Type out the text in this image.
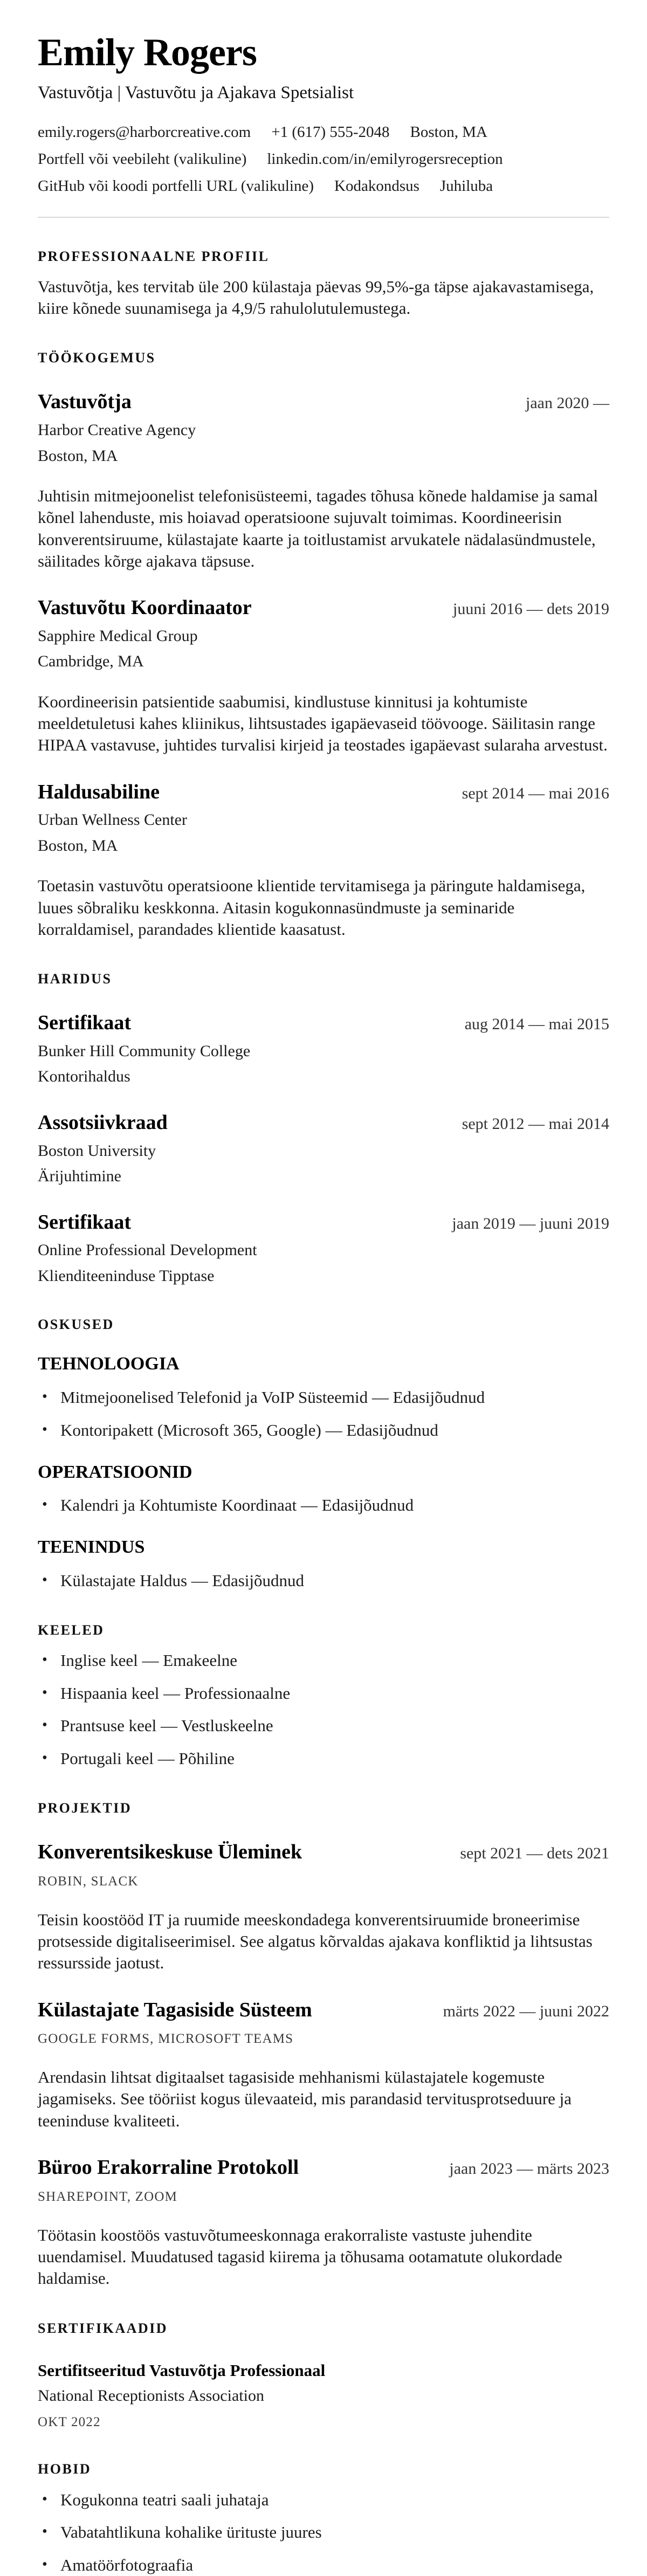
Emily Rogers
Vastuvõtja | Vastuvõtu ja Ajakava Spetsialist
emily.rogers@harborcreative.com +1 (617) 555-2048 Boston, MA
Portfell või veebileht (valikuline) linkedin.com/in/emilyrogersreception
GitHub või koodi portfelli URL (valikuline) Kodakondsus Juhiluba
PROFESSIONAALNE PROFIIL

Vastuvõtja, kes tervitab üle 200 külastaja päevas 99,5%-ga täpse ajakavastamisega, kiire kõnede suunamisega ja 4,9/5 rahulolutulemustega.

TÖÖKOGEMUS
Vastuvõtja	jaan 2020 —
Harbor Creative Agency
Boston, MA

Juhtisin mitmejoonelist telefonisüsteemi, tagades tõhusa kõnede haldamise ja samal kõnel lahenduste, mis hoiavad operatsioone sujuvalt toimimas. Koordineerisin konverentsiruume, külastajate kaarte ja toitlustamist arvukatele nädalasündmustele, säilitades kõrge ajakava täpsuse.

Vastuvõtu Koordinaator	juuni 2016 — dets 2019
Sapphire Medical Group
Cambridge, MA

Koordineerisin patsientide saabumisi, kindlustuse kinnitusi ja kohtumiste meeldetuletusi kahes kliinikus, lihtsustades igapäevaseid töövooge. Säilitasin range HIPAA vastavuse, juhtides turvalisi kirjeid ja teostades igapäevast sularaha arvestust.

Haldusabiline	sept 2014 — mai 2016
Urban Wellness Center
Boston, MA

Toetasin vastuvõtu operatsioone klientide tervitamisega ja päringute haldamisega, luues sõbraliku keskkonna. Aitasin kogukonnasündmuste ja seminaride korraldamisel, parandades klientide kaasatust.

HARIDUS
Sertifikaat	aug 2014 — mai 2015
Bunker Hill Community College
Kontorihaldus
Assotsiivkraad	sept 2012 — mai 2014
Boston University
Ärijuhtimine
Sertifikaat	jaan 2019 — juuni 2019
Online Professional Development
Klienditeeninduse Tipptase
OSKUSED
TEHNOLOOGIA
• Mitmejoonelised Telefonid ja VoIP Süsteemid — Edasijõudnud
• Kontoripakett (Microsoft 365, Google) — Edasijõudnud
OPERATSIOONID
• Kalendri ja Kohtumiste Koordinaat — Edasijõudnud
TEENINDUS
• Külastajate Haldus — Edasijõudnud
KEELED
• Inglise keel — Emakeelne
• Hispaania keel — Professionaalne
• Prantsuse keel — Vestluskeelne
• Portugali keel — Põhiline
PROJEKTID
Konverentsikeskuse Üleminek	sept 2021 — dets 2021
ROBIN, SLACK

Teisin koostööd IT ja ruumide meeskondadega konverentsiruumide broneerimise protsesside digitaliseerimisel. See algatus kõrvaldas ajakava konfliktid ja lihtsustas ressursside jaotust.

Külastajate Tagasiside Süsteem	märts 2022 — juuni 2022
GOOGLE FORMS, MICROSOFT TEAMS

Arendasin lihtsat digitaalset tagasiside mehhanismi külastajatele kogemuste jagamiseks. See tööriist kogus ülevaateid, mis parandasid tervitusprotseduure ja teeninduse kvaliteeti.

Büroo Erakorraline Protokoll	jaan 2023 — märts 2023
SHAREPOINT, ZOOM

Töötasin koostöös vastuvõtumeeskonnaga erakorraliste vastuste juhendite uuendamisel. Muudatused tagasid kiirema ja tõhusama ootamatute olukordade haldamise.

SERTIFIKAADID
Sertifitseeritud Vastuvõtja Professionaal
National Receptionists Association
OKT 2022
HOBID
• Kogukonna teatri saali juhataja
• Vabatahtlikuna kohalike ürituste juures
• Amatöörfotograafia
